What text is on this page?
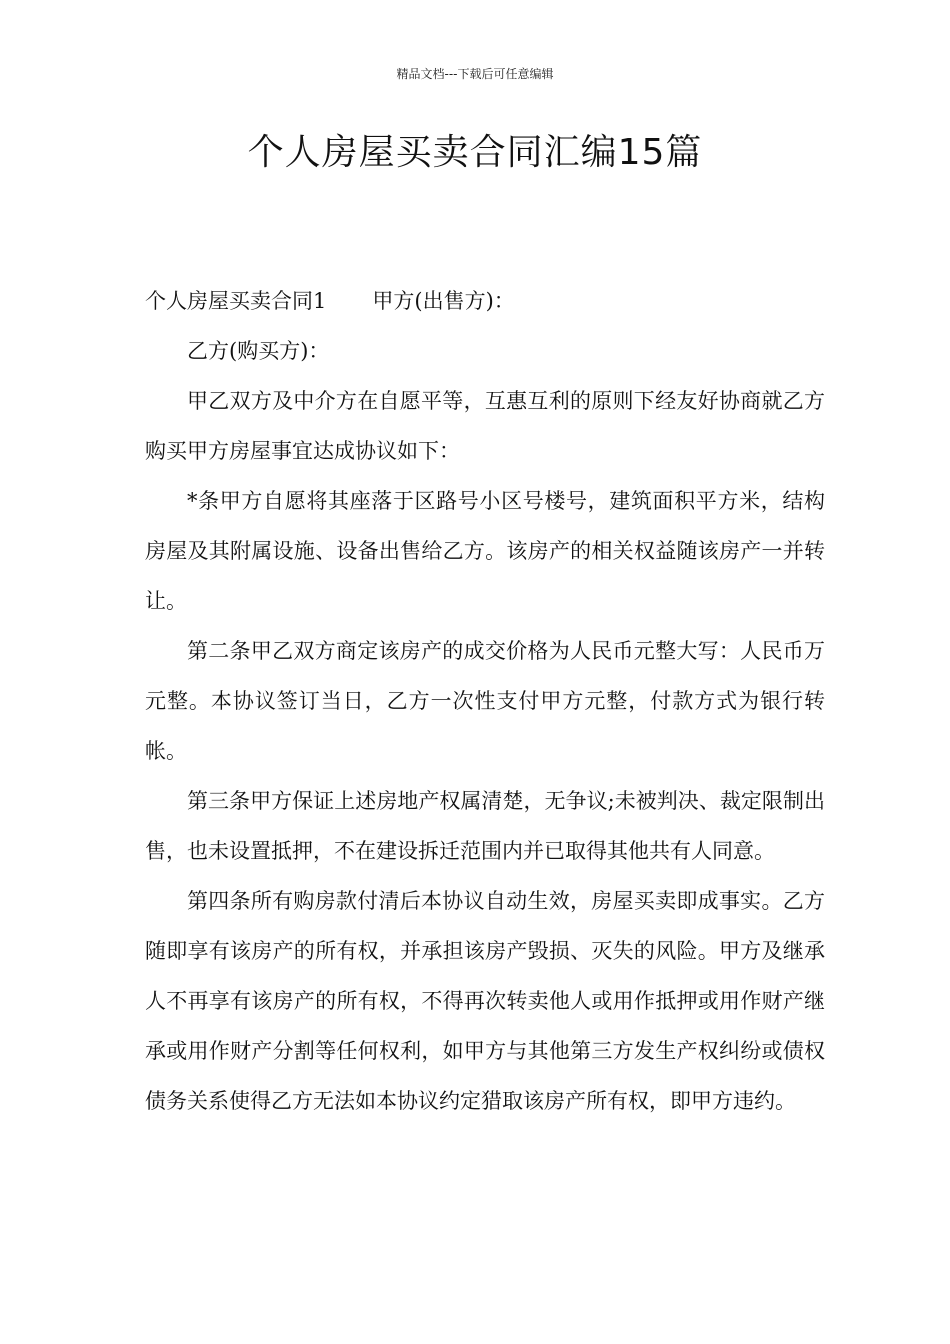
精品文档---下载后可任意编辑
个人房屋买卖合同汇编15篇

个人房屋买卖合同1 甲方(出售方)：

乙方(购买方)：

甲乙双方及中介方在自愿平等，互惠互利的原则下经友好协商就乙方购买甲方房屋事宜达成协议如下：

*条甲方自愿将其座落于区路号小区号楼号，建筑面积平方米，结构房屋及其附属设施、设备出售给乙方。该房产的相关权益随该房产一并转让。

第二条甲乙双方商定该房产的成交价格为人民币元整大写：人民币万元整。本协议签订当日，乙方一次性支付甲方元整，付款方式为银行转帐。

第三条甲方保证上述房地产权属清楚，无争议;未被判决、裁定限制出售，也未设置抵押，不在建设拆迁范围内并已取得其他共有人同意。

第四条所有购房款付清后本协议自动生效，房屋买卖即成事实。乙方随即享有该房产的所有权，并承担该房产毁损、灭失的风险。甲方及继承人不再享有该房产的所有权，不得再次转卖他人或用作抵押或用作财产继承或用作财产分割等任何权利，如甲方与其他第三方发生产权纠纷或债权债务关系使得乙方无法如本协议约定猎取该房产所有权，即甲方违约。
